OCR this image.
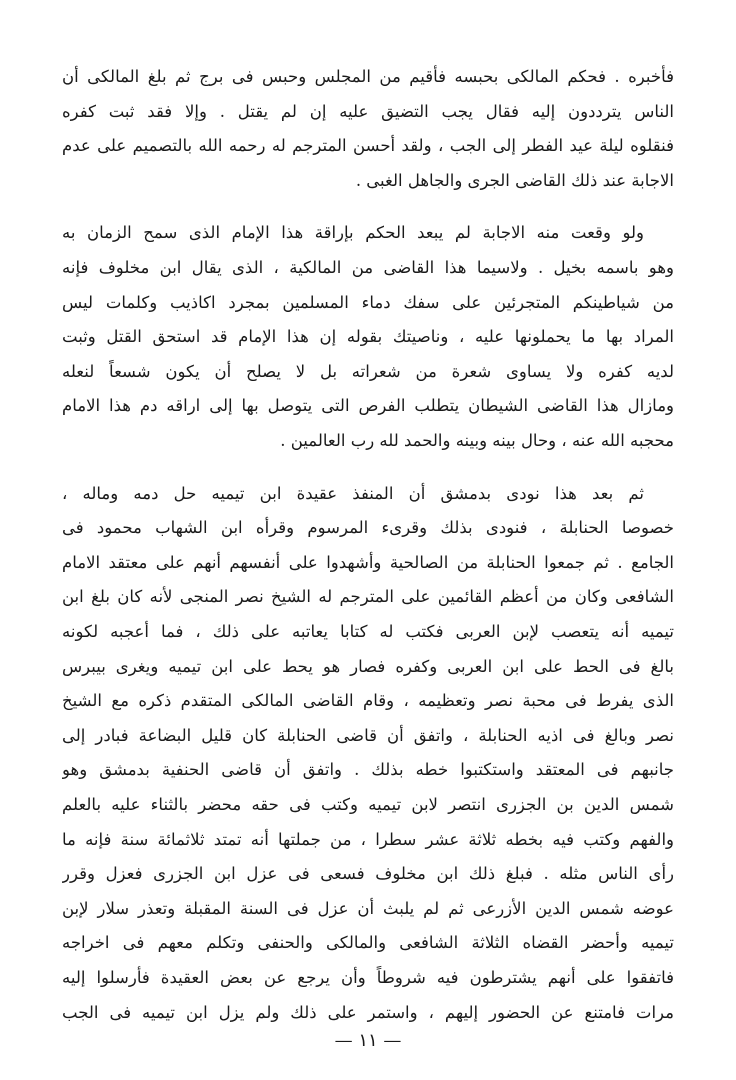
فأخبره . فحكم المالكى بحبسه فأقيم من المجلس وحبس فى برج ثم بلغ المالكى أن
الناس يترددون إليه فقال يجب التضيق عليه إن لم يقتل . وإلا فقد ثبت كفره
فنقلوه ليلة عيد الفطر إلى الجب ، ولقد أحسن المترجم له رحمه الله بالتصميم على عدم
الاجابة عند ذلك القاضى الجرى والجاهل الغبى .
ولو وقعت منه الاجابة لم يبعد الحكم بإراقة هذا الإمام الذى سمح الزمان به
وهو باسمه بخيل . ولاسيما هذا القاضى من المالكية ، الذى يقال ابن مخلوف فإنه
من شياطينكم المتجرئين على سفك دماء المسلمين بمجرد اكاذيب وكلمات ليس
المراد بها ما يحملونها عليه ، وناصيتك بقوله إن هذا الإمام قد استحق القتل وثبت
لديه كفره ولا يساوى شعرة من شعراته بل لا يصلح أن يكون شسعاً لنعله
ومازال هذا القاضى الشيطان يتطلب الفرص التى يتوصل بها إلى اراقه دم هذا الامام
محجبه الله عنه ، وحال بينه وبينه والحمد لله رب العالمين .
ثم بعد هذا نودى بدمشق أن المنفذ عقيدة ابن تيميه حل دمه وماله ،
خصوصا الحنابلة ، فنودى بذلك وقرىء المرسوم وقرأه ابن الشهاب محمود فى
الجامع . ثم جمعوا الحنابلة من الصالحية وأشهدوا على أنفسهم أنهم على معتقد الامام
الشافعى وكان من أعظم القائمين على المترجم له الشيخ نصر المنجى لأنه كان بلغ ابن
تيميه أنه يتعصب لإبن العربى فكتب له كتابا يعاتبه على ذلك ، فما أعجبه لكونه
بالغ فى الحط على ابن العربى وكفره فصار هو يحط على ابن تيميه ويغرى بيبرس
الذى يفرط فى محبة نصر وتعظيمه ، وقام القاضى المالكى المتقدم ذكره مع الشيخ
نصر وبالغ فى اذيه الحنابلة ، واتفق أن قاضى الحنابلة كان قليل البضاعة فبادر إلى
جانبهم فى المعتقد واستكتبوا خطه بذلك . واتفق أن قاضى الحنفية بدمشق وهو
شمس الدين بن الجزرى انتصر لابن تيميه وكتب فى حقه محضر بالثناء عليه بالعلم
والفهم وكتب فيه بخطه ثلاثة عشر سطرا ، من جملتها أنه تمتد ثلاثمائة سنة فإنه ما
رأى الناس مثله . فبلغ ذلك ابن مخلوف فسعى فى عزل ابن الجزرى فعزل وقرر
عوضه شمس الدين الأزرعى ثم لم يلبث أن عزل فى السنة المقبلة وتعذر سلار لإبن
تيميه وأحضر القضاه الثلاثة الشافعى والمالكى والحنفى وتكلم معهم فى اخراجه
فاتفقوا على أنهم يشترطون فيه شروطاً وأن يرجع عن بعض العقيدة فأرسلوا إليه
مرات فامتنع عن الحضور إليهم ، واستمر على ذلك ولم يزل ابن تيميه فى الجب
— ١١ —
